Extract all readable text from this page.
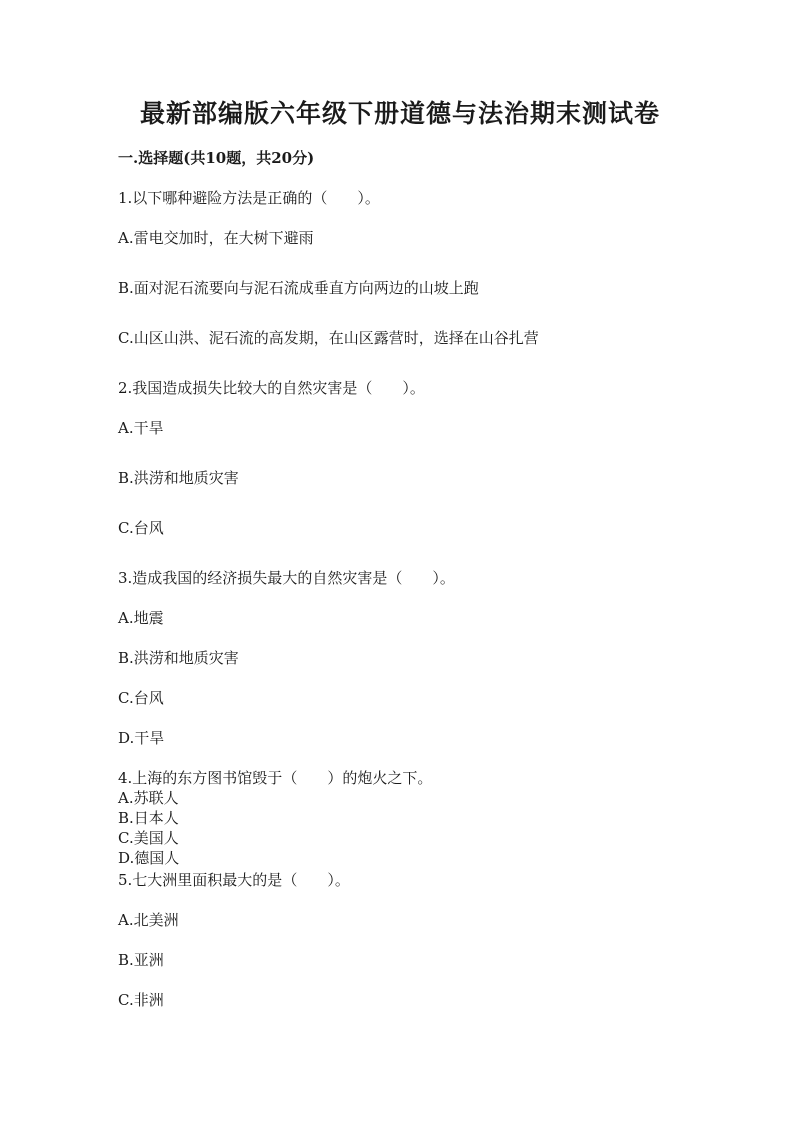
最新部编版六年级下册道德与法治期末测试卷
一.选择题(共10题，共20分)
1.以下哪种避险方法是正确的（　　）。
A.雷电交加时，在大树下避雨
B.面对泥石流要向与泥石流成垂直方向两边的山坡上跑
C.山区山洪、泥石流的高发期，在山区露营时，选择在山谷扎营
2.我国造成损失比较大的自然灾害是（　　）。
A.干旱
B.洪涝和地质灾害
C.台风
3.造成我国的经济损失最大的自然灾害是（　　）。
A.地震
B.洪涝和地质灾害
C.台风
D.干旱
4.上海的东方图书馆毁于（　　）的炮火之下。
A.苏联人
B.日本人
C.美国人
D.德国人
5.七大洲里面积最大的是（　　）。
A.北美洲
B.亚洲
C.非洲
